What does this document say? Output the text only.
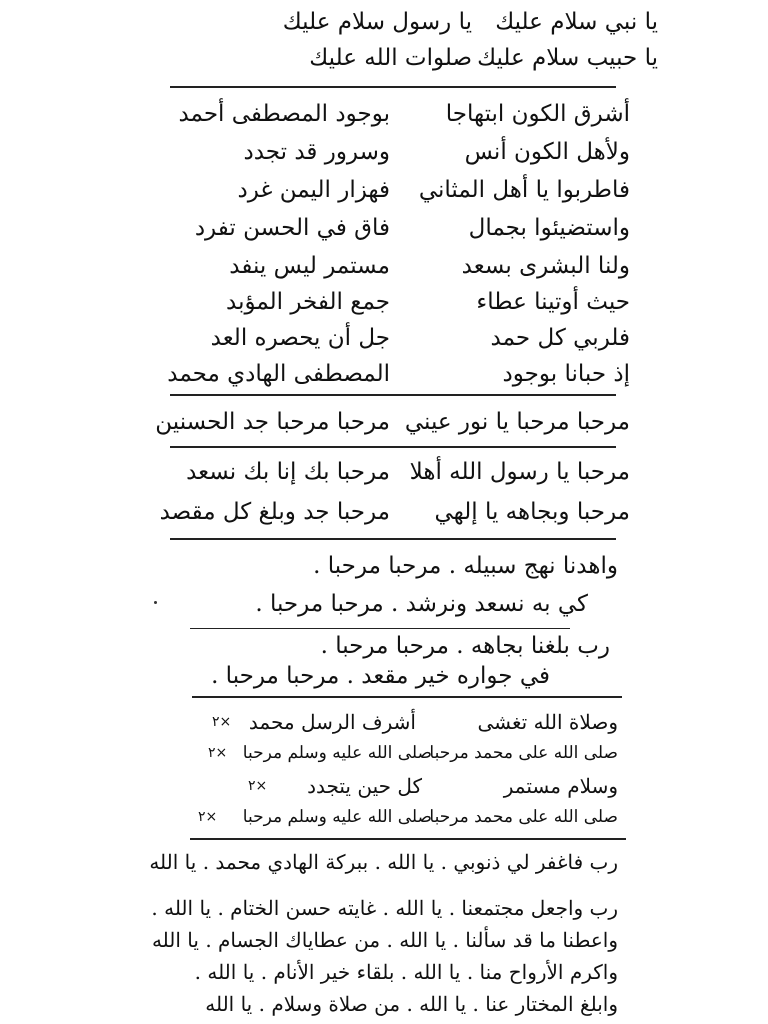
يا نبي سلام عليك
يا حبيب سلام عليك
يا رسول سلام عليك
صلوات الله عليك
أشرق الكون ابتهاجا
ولأهل الكون أنس
فاطربوا يا أهل المثاني
واستضيئوا بجمال
ولنا البشرى بسعد
حيث أوتينا عطاء
فلربي كل حمد
إذ حبانا بوجود
بوجود المصطفى أحمد
وسرور قد تجدد
فهزار اليمن غرد
فاق في الحسن تفرد
مستمر ليس ينفد
جمع الفخر المؤبد
جل أن يحصره العد
المصطفى الهادي محمد
مرحبا مرحبا يا نور عيني
مرحبا مرحبا جد الحسنين
مرحبا يا رسول الله أهلا
مرحبا وبجاهه يا إلهي
مرحبا بك إنا بك نسعد
مرحبا جد وبلغ كل مقصد
واهدنا نهج سبيله . مرحبا مرحبا .
كي به نسعد ونرشد . مرحبا مرحبا .
رب بلغنا بجاهه . مرحبا مرحبا .
في جواره خير مقعد . مرحبا مرحبا .
وصلاة الله تغشى
أشرف الرسل محمد
٢×
صلى الله على محمد مرحبا
صلى الله عليه وسلم مرحبا
٢×
وسلام مستمر
كل حين يتجدد
٢×
صلى الله على محمد مرحبا
صلى الله عليه وسلم مرحبا
٢×
رب فاغفر لي ذنوبي . يا الله . ببركة الهادي محمد . يا الله
رب واجعل مجتمعنا . يا الله . غايته حسن الختام . يا الله .
واعطنا ما قد سألنا . يا الله . من عطاياك الجسام . يا الله
واكرم الأرواح منا . يا الله . بلقاء خير الأنام . يا الله .
وابلغ المختار عنا . يا الله . من صلاة وسلام . يا الله
